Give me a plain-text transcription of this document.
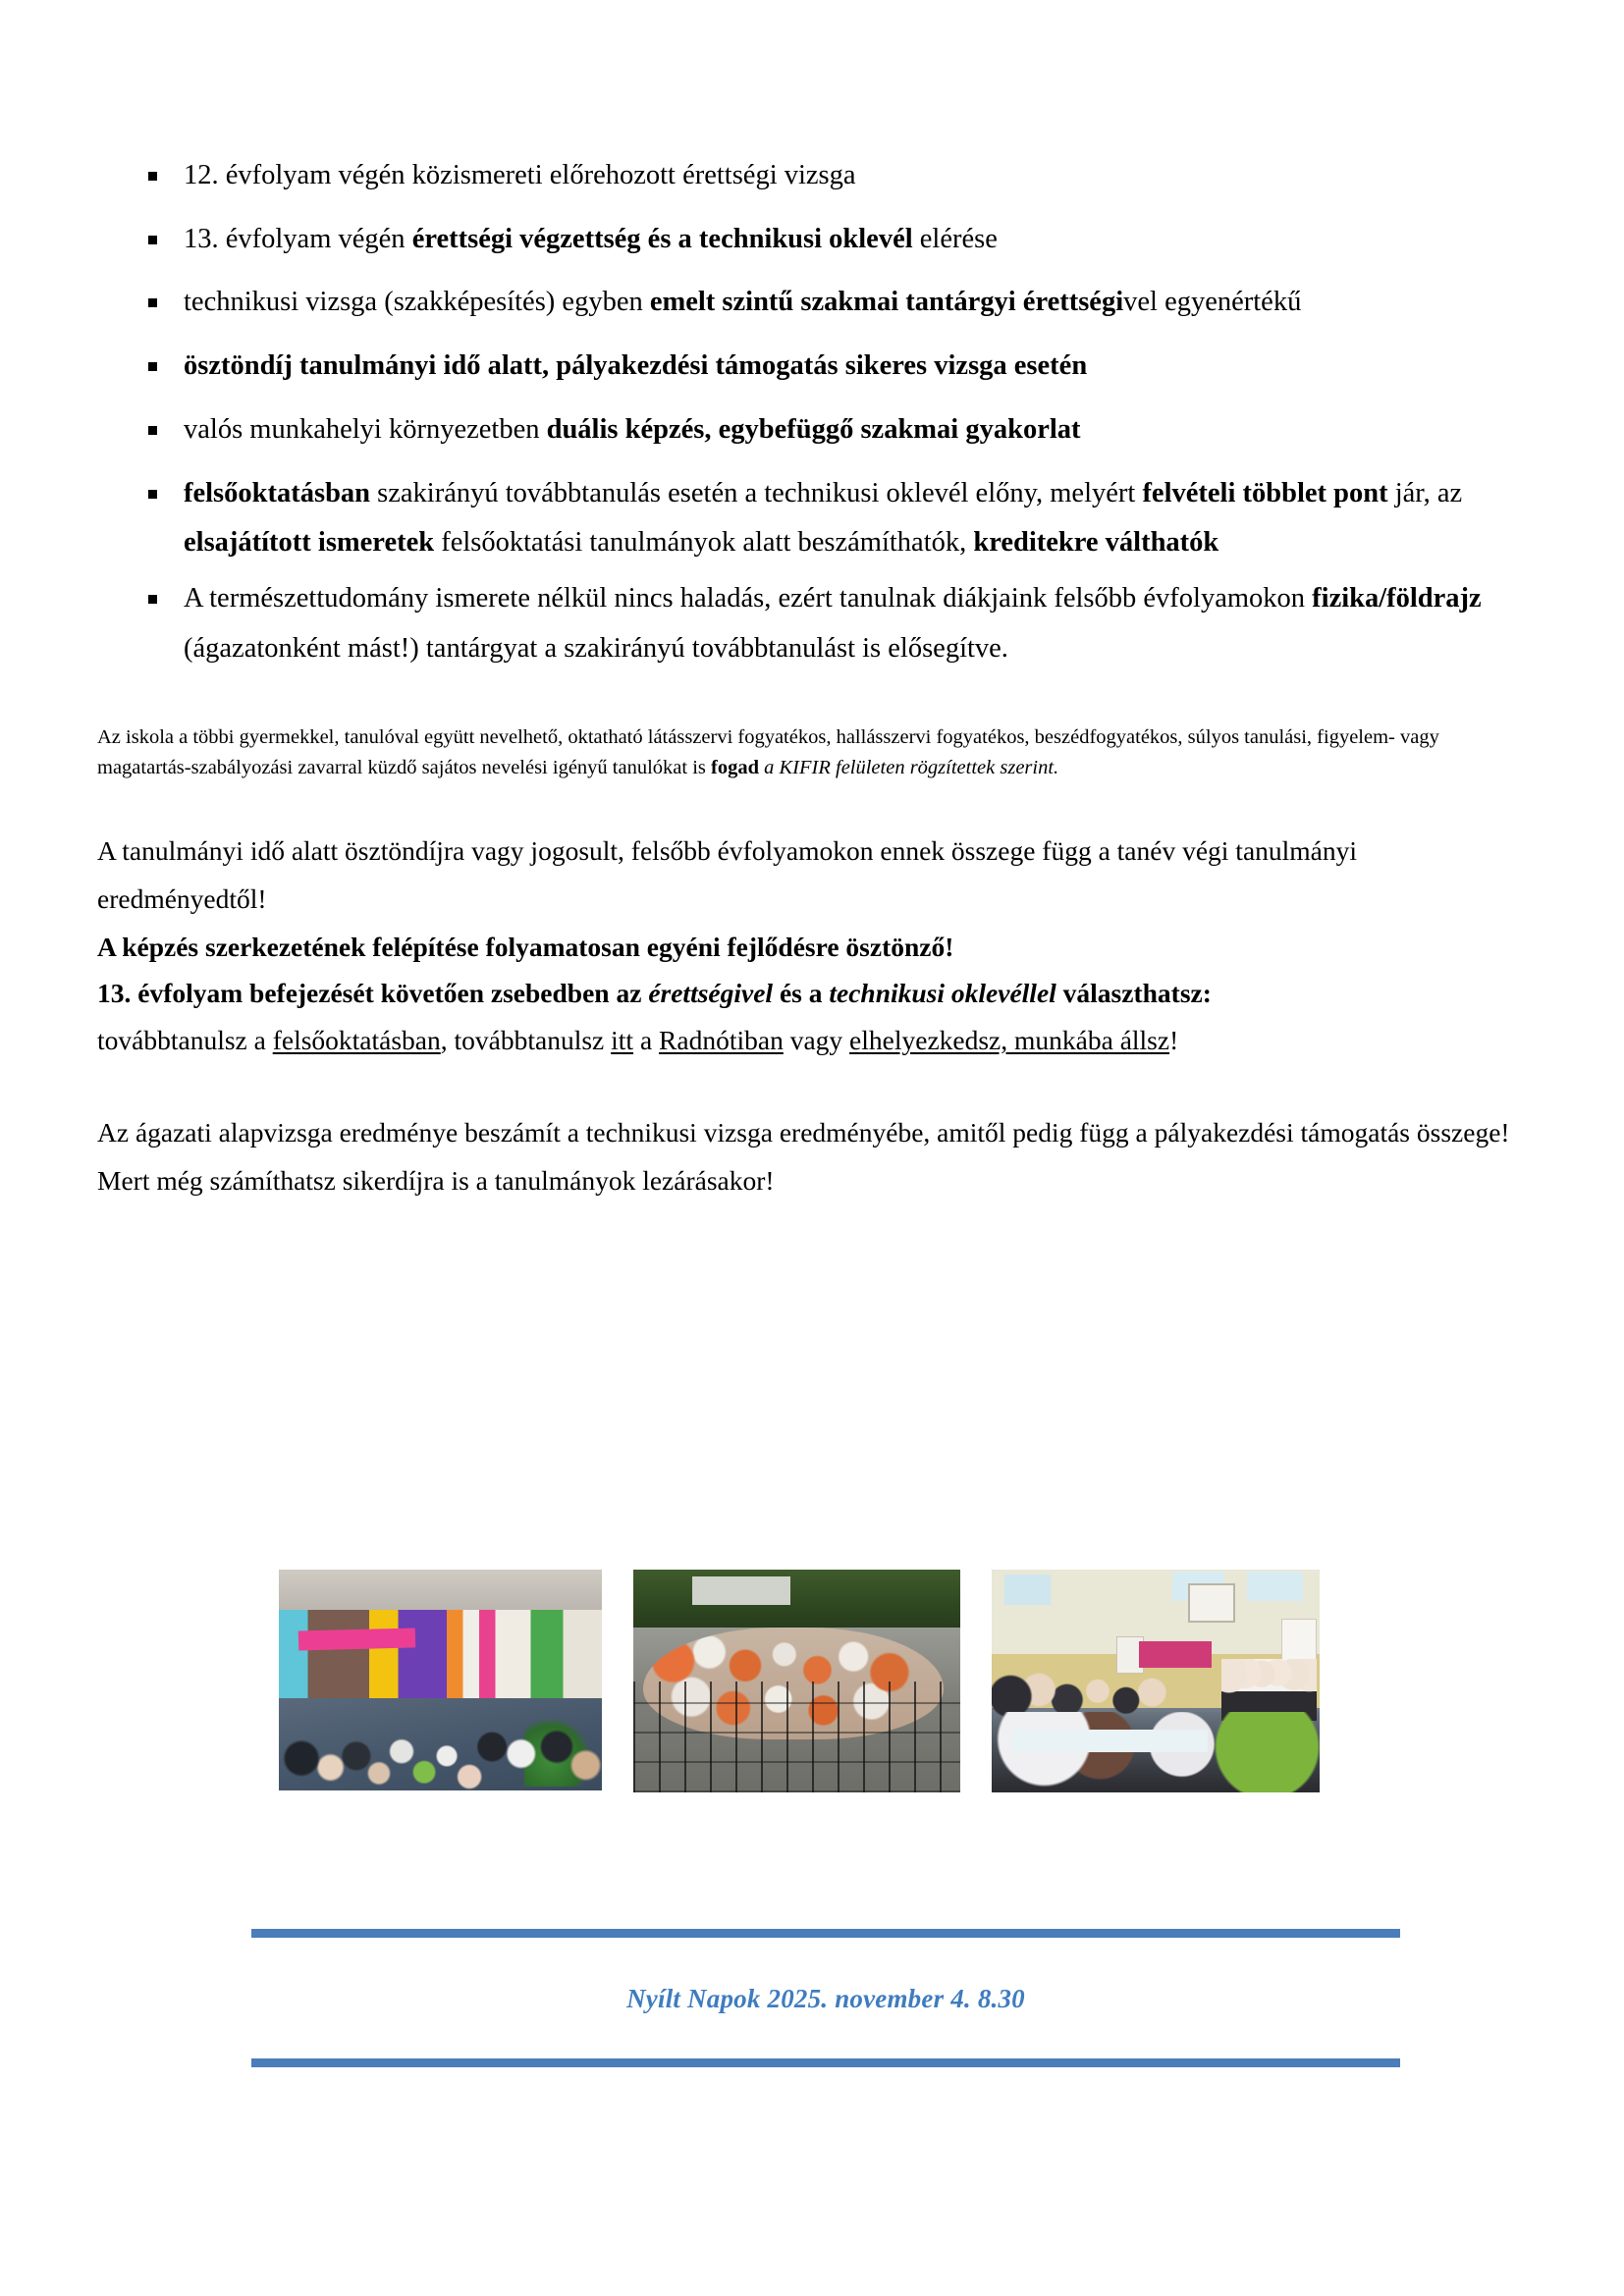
12. évfolyam végén közismereti előrehozott érettségi vizsga
13. évfolyam végén érettségi végzettség és a technikusi oklevél elérése
technikusi vizsga (szakképesítés) egyben emelt szintű szakmai tantárgyi érettségivel egyenértékű
ösztöndíj tanulmányi idő alatt, pályakezdési támogatás sikeres vizsga esetén
valós munkahelyi környezetben duális képzés, egybefüggő szakmai gyakorlat
felsőoktatásban szakirányú továbbtanulás esetén a technikusi oklevél előny, melyért felvételi többlet pont jár, az elsajátított ismeretek felsőoktatási tanulmányok alatt beszámíthatók, kreditekre válthatók
A természettudomány ismerete nélkül nincs haladás, ezért tanulnak diákjaink felsőbb évfolyamokon fizika/földrajz (ágazatonként mást!) tantárgyat a szakirányú továbbtanulást is elősegítve.

Az iskola a többi gyermekkel, tanulóval együtt nevelhető, oktatható látásszervi fogyatékos, hallásszervi fogyatékos, beszédfogyatékos, súlyos tanulási, figyelem- vagy magatartás-szabályozási zavarral küzdő sajátos nevelési igényű tanulókat is fogad a KIFIR felületen rögzítettek szerint.

A tanulmányi idő alatt ösztöndíjra vagy jogosult, felsőbb évfolyamokon ennek összege függ a tanév végi tanulmányi eredményedtől!

A képzés szerkezetének felépítése folyamatosan egyéni fejlődésre ösztönző!

13. évfolyam befejezését követően zsebedben az érettségivel és a technikusi oklevéllel választhatsz:

továbbtanulsz a felsőoktatásban, továbbtanulsz itt a Radnótiban vagy elhelyezkedsz, munkába állsz!

Az ágazati alapvizsga eredménye beszámít a technikusi vizsga eredményébe, amitől pedig függ a pályakezdési támogatás összege! Mert még számíthatsz sikerdíjra is a tanulmányok lezárásakor!

Nyílt Napok 2025. november 4. 8.30
